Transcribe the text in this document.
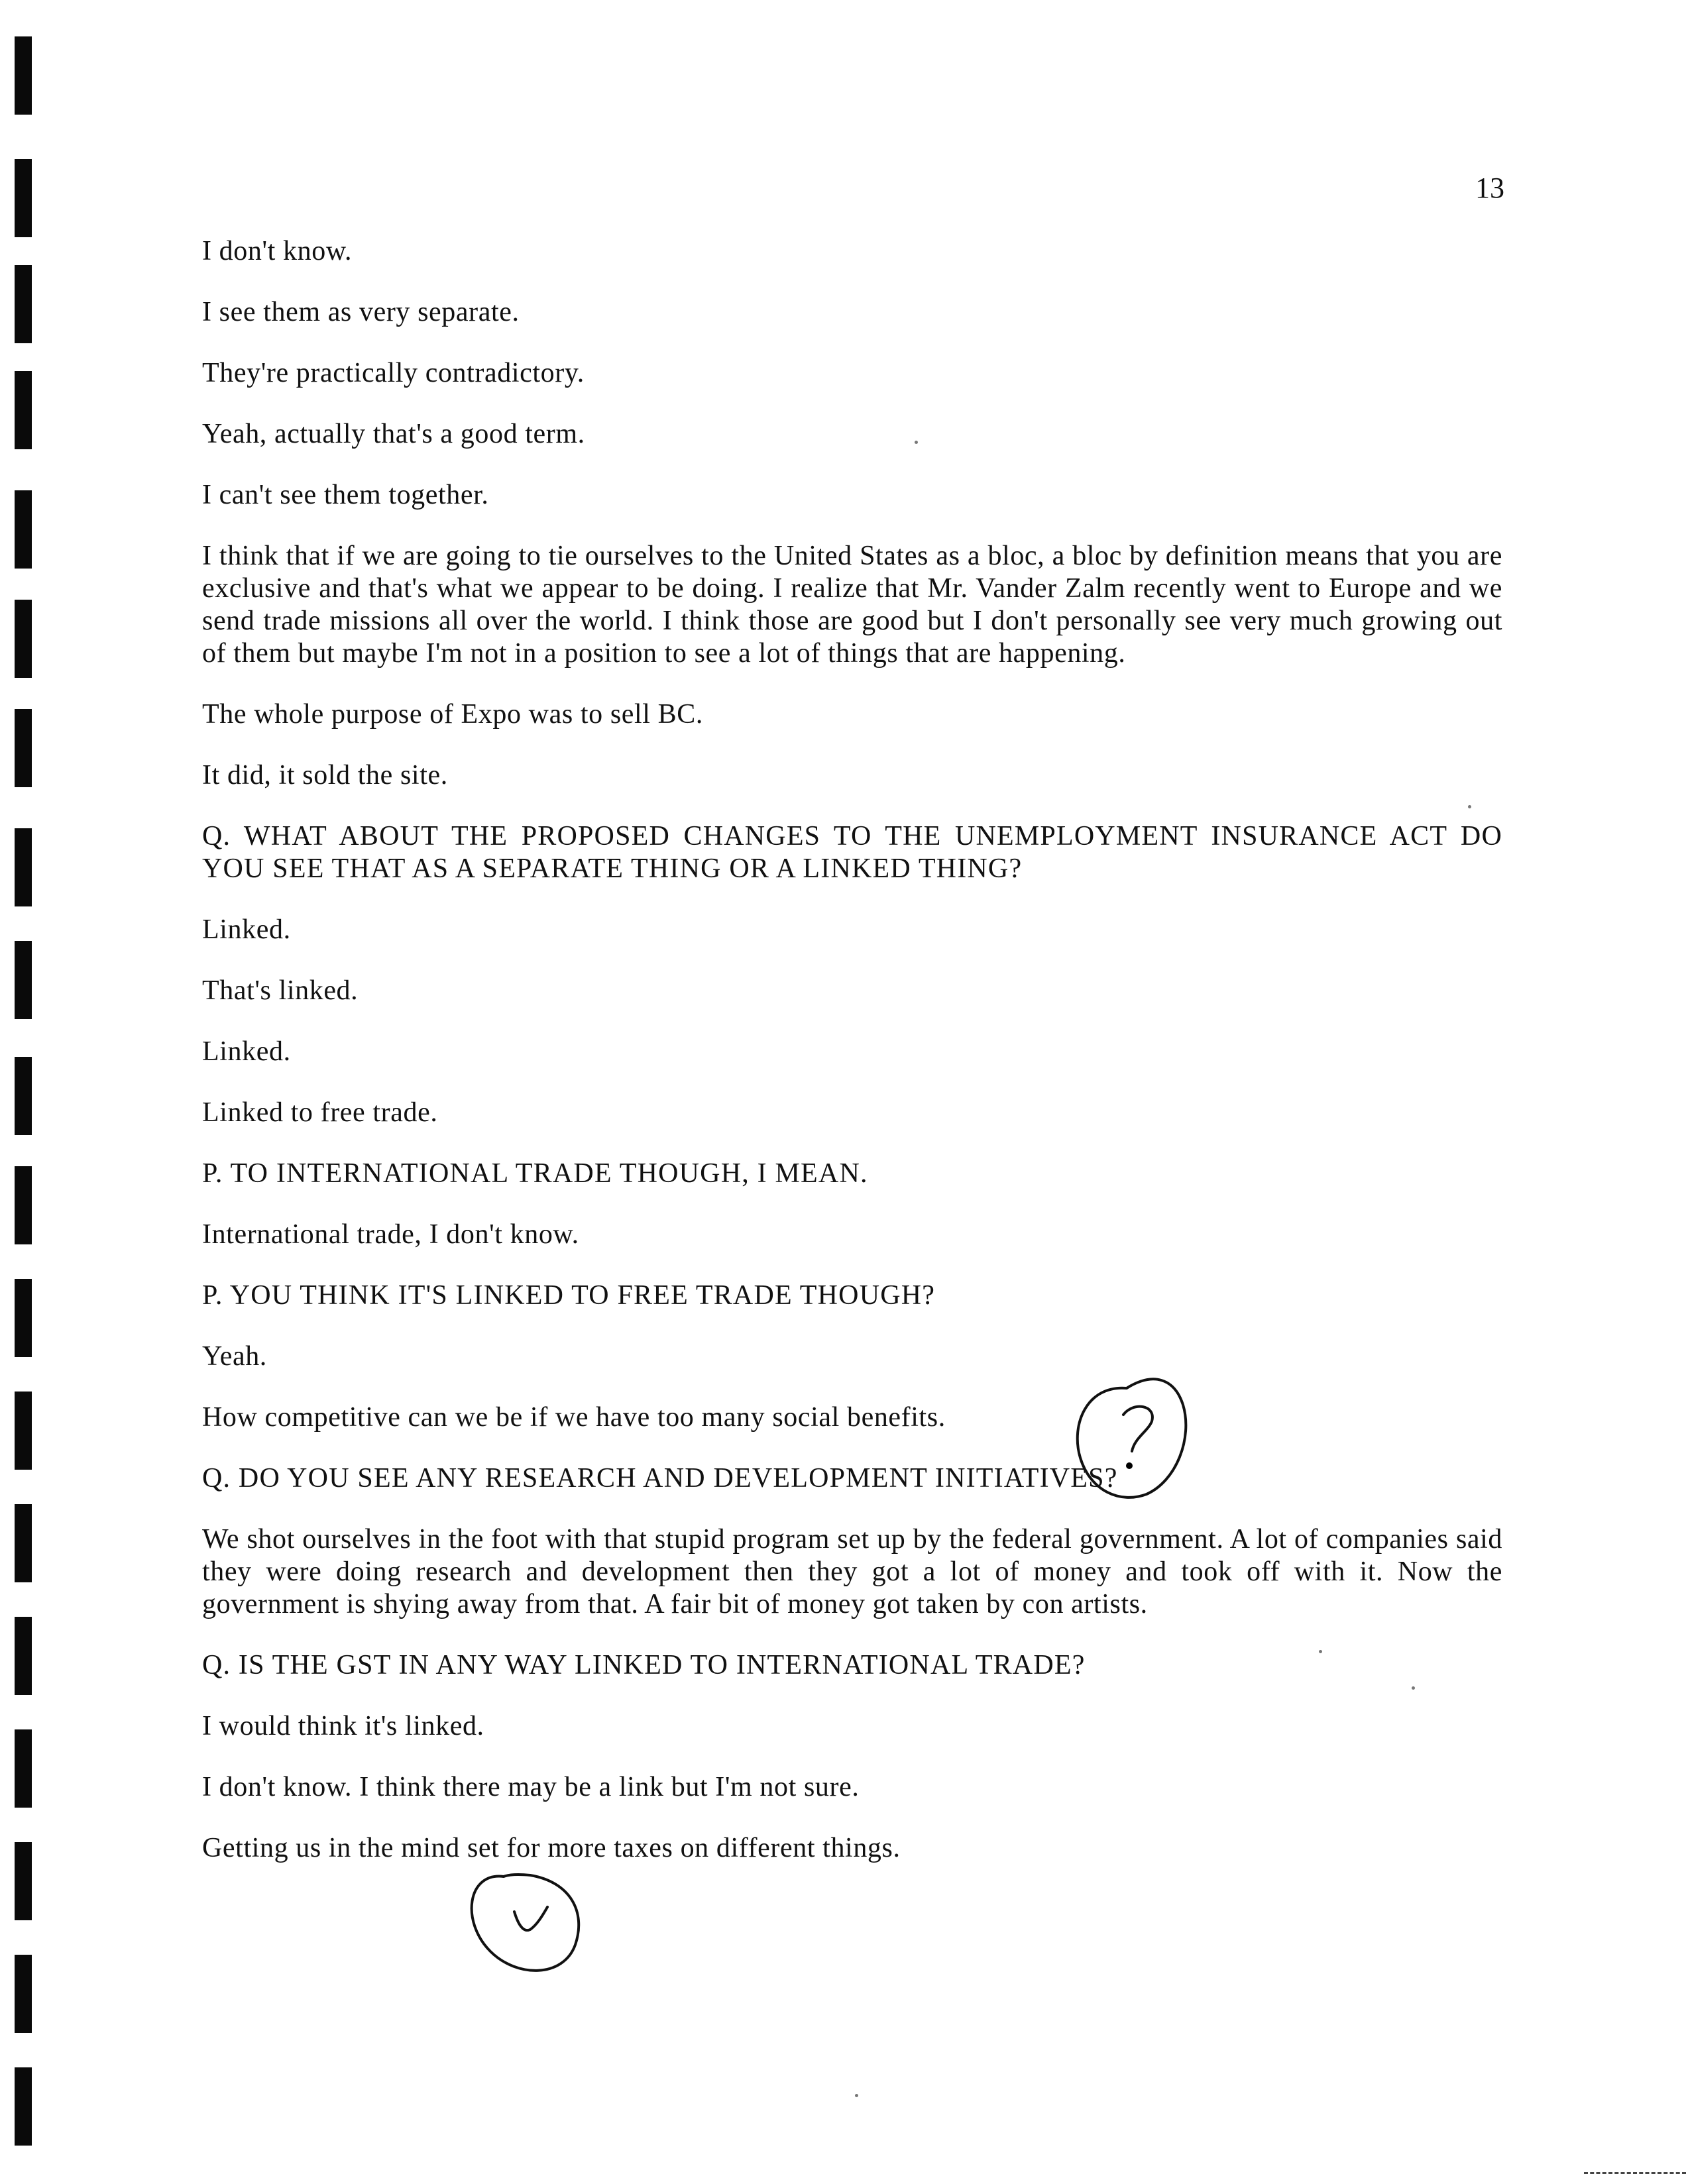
13

I don't know.

I see them as very separate.

They're practically contradictory.

Yeah, actually that's a good term.

I can't see them together.

I think that if we are going to tie ourselves to the United States as a bloc, a bloc by definition means that you are exclusive and that's what we appear to be doing. I realize that Mr. Vander Zalm recently went to Europe and we send trade missions all over the world. I think those are good but I don't personally see very much growing out of them but maybe I'm not in a position to see a lot of things that are happening.

The whole purpose of Expo was to sell BC.

It did, it sold the site.

Q. WHAT ABOUT THE PROPOSED CHANGES TO THE UNEMPLOYMENT INSURANCE ACT DO YOU SEE THAT AS A SEPARATE THING OR A LINKED THING?

Linked.

That's linked.

Linked.

Linked to free trade.

P. TO INTERNATIONAL TRADE THOUGH, I MEAN.

International trade, I don't know.

P. YOU THINK IT'S LINKED TO FREE TRADE THOUGH?

Yeah.

How competitive can we be if we have too many social benefits.

Q. DO YOU SEE ANY RESEARCH AND DEVELOPMENT INITIATIVES?

We shot ourselves in the foot with that stupid program set up by the federal government. A lot of companies said they were doing research and development then they got a lot of money and took off with it. Now the government is shying away from that. A fair bit of money got taken by con artists.

Q. IS THE GST IN ANY WAY LINKED TO INTERNATIONAL TRADE?

I would think it's linked.

I don't know. I think there may be a link but I'm not sure.

Getting us in the mind set for more taxes on different things.
